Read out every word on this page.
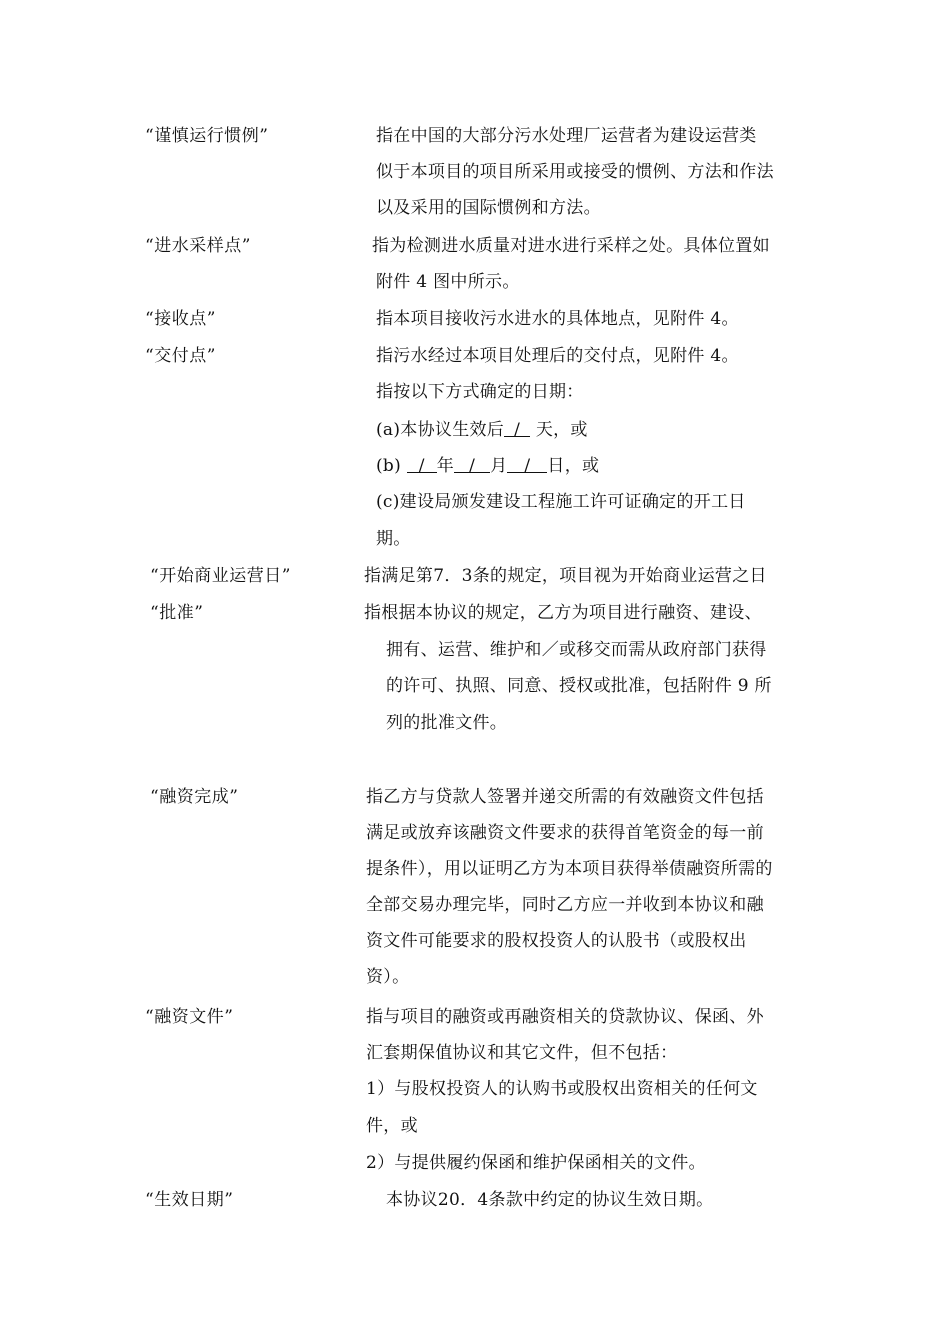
“谨慎运行惯例”	指在中国的大部分污水处理厂运营者为建设运营类
似于本项目的项目所采用或接受的惯例、方法和作法
以及采用的国际惯例和方法。
“进水采样点”	指为检测进水质量对进水进行采样之处。具体位置如
附件 4 图中所示。
“接收点”	指本项目接收污水进水的具体地点，见附件 4。
“交付点”	指污水经过本项目处理后的交付点，见附件 4。
指按以下方式确定的日期：
(a)本协议生效后 / 天，或
(b) / 年 / 月 / 日，或
(c)建设局颁发建设工程施工许可证确定的开工日
期。
“开始商业运营日”	指满足第7．3条的规定，项目视为开始商业运营之日
“批准”	指根据本协议的规定，乙方为项目进行融资、建设、
拥有、运营、维护和／或移交而需从政府部门获得
的许可、执照、同意、授权或批准，包括附件 9 所
列的批准文件。
“融资完成”	指乙方与贷款人签署并递交所需的有效融资文件包括
满足或放弃该融资文件要求的获得首笔资金的每一前
提条件），用以证明乙方为本项目获得举债融资所需的
全部交易办理完毕，同时乙方应一并收到本协议和融
资文件可能要求的股权投资人的认股书（或股权出
资）。
“融资文件”	指与项目的融资或再融资相关的贷款协议、保函、外
汇套期保值协议和其它文件，但不包括：
1）与股权投资人的认购书或股权出资相关的任何文
件，或
2）与提供履约保函和维护保函相关的文件。
“生效日期”	本协议20．4条款中约定的协议生效日期。
